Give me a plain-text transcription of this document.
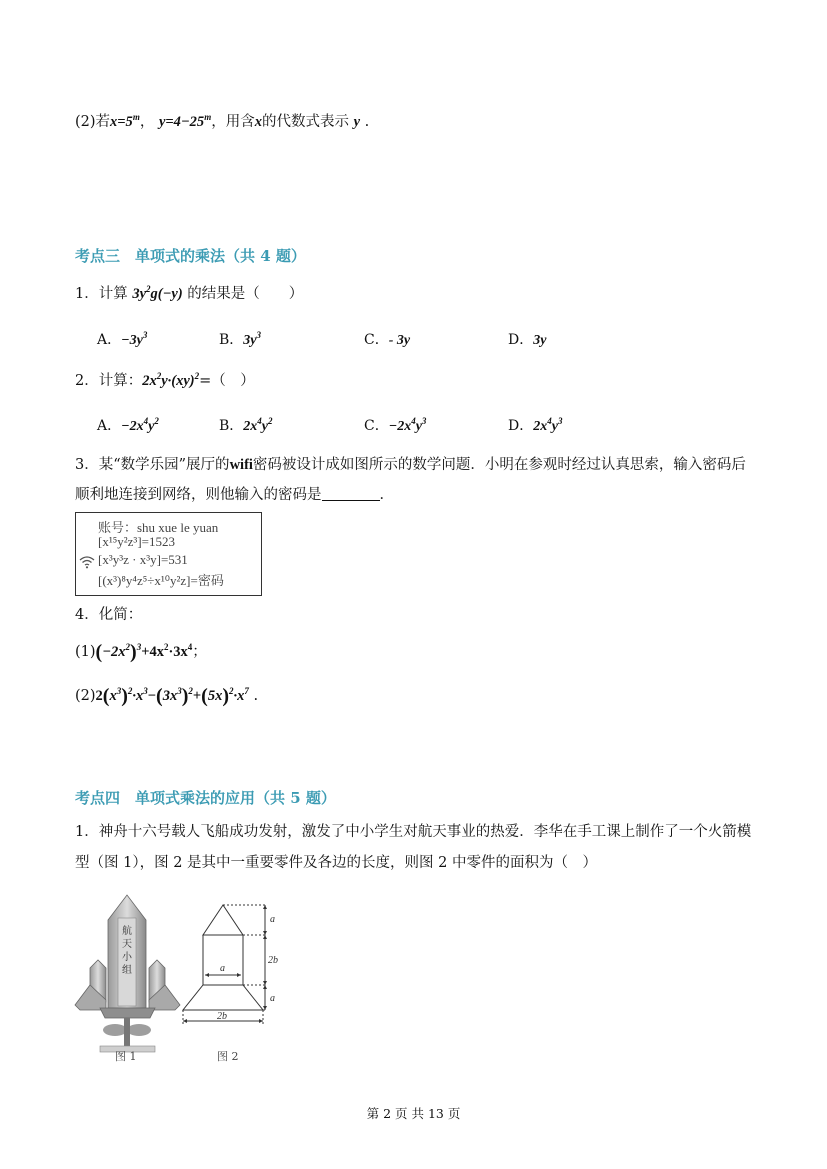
(2)若$x=5^m$， $y=4-25^m$，用含x的代数式表示 y .
考点三　单项式的乘法（共 4 题）
1．计算 $3y^2g(-y)$ 的结果是（　　）
A．$-3y^3$	B．$3y^3$	C．- 3y	D．3y
2．计算：$2x^2y\cdot(xy)^2=$（　）
A．$-2x^4y^2$	B．$2x^4y^2$	C．$-2x^4y^3$	D．$2x^4y^3$
3．某“数学乐园”展厅的wifi密码被设计成如图所示的数学问题．小明在参观时经过认真思索，输入密码后
顺利地连接到网络，则他输入的密码是	．
账号：shu xue le yuan
[x¹⁵y²z³]=1523
[x³y³z · x³y]=531
[(x³)⁸y⁴z⁵÷x¹⁰y²z]=密码
4．化简：
$(1)(-2x^2)^3+4x^2\cdot 3x^4$；
$(2)2(x^3)^2\cdot x^3-(3x^3)^2+(5x)^2\cdot x^7$ .
考点四　单项式乘法的应用（共 5 题）
1．神舟十六号载人飞船成功发射，激发了中小学生对航天事业的热爱．李华在手工课上制作了一个火箭模
型（图 1），图 2 是其中一重要零件及各边的长度，则图 2 中零件的面积为（　）
航
天
小
组
图 1
a
2b
a
a
2b
图 2
第 2 页 共 13 页
